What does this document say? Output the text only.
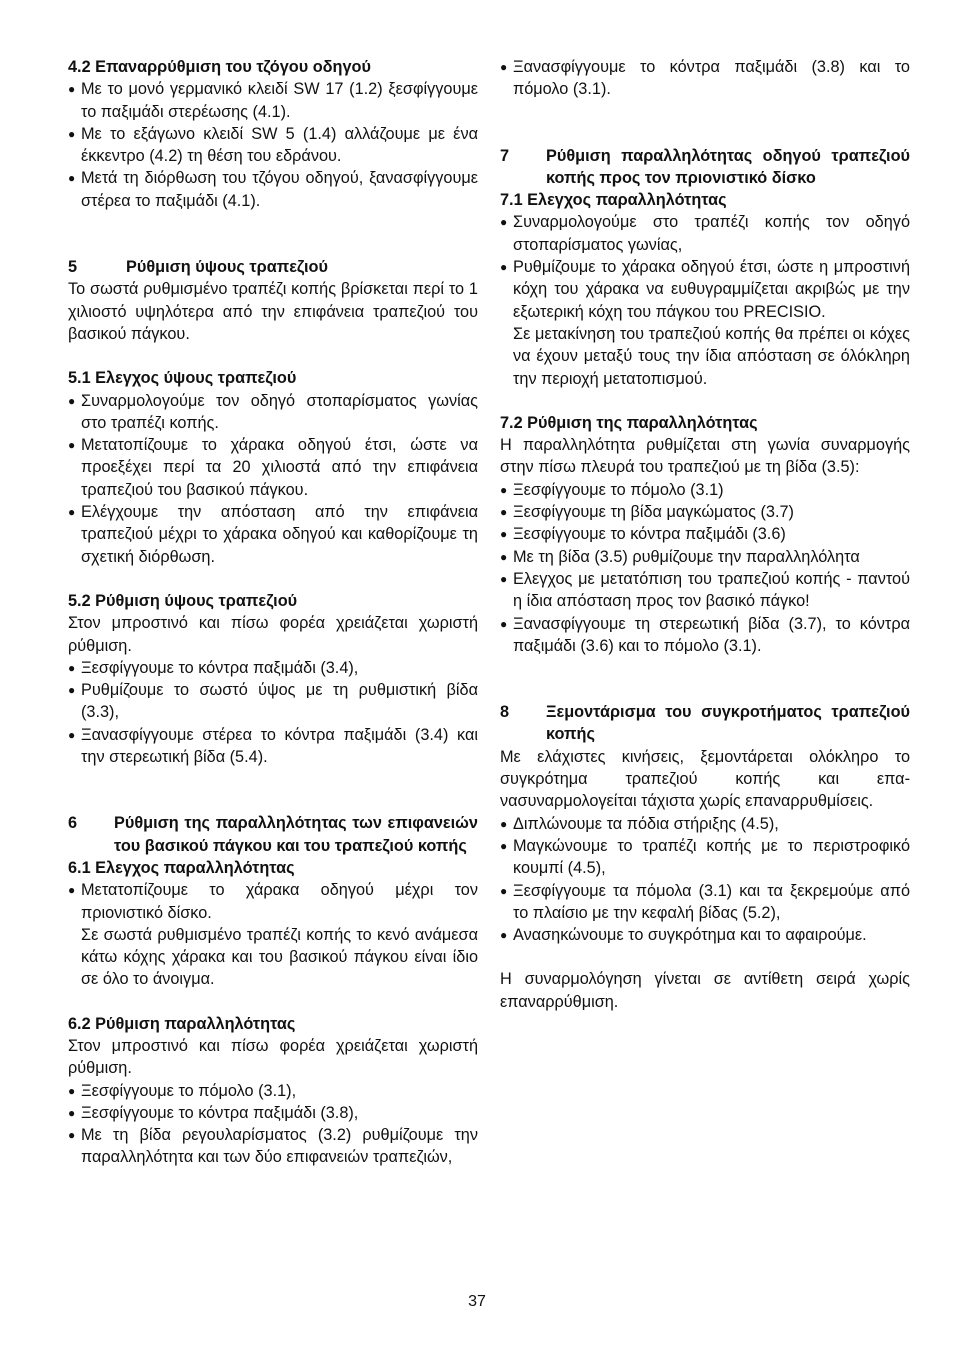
4.2 Επαναρρύθμιση του τζόγου οδηγού
● Με το μονό γερμανικό κλειδί SW 17 (1.2) ξεσφίγγουμε το παξιμάδι στερέωσης (4.1).
● Με το εξάγωνο κλειδί SW 5 (1.4) αλλάζουμε με ένα έκκεντρο (4.2) τη θέση του εδράνου.
● Μετά τη διόρθωση του τζόγου οδηγού, ξανασφίγγουμε στέρεα το παξιμάδι (4.1).
5	Ρύθμιση ύψους τραπεζιού

Το σωστά ρυθμισμένο τραπέζι κοπής βρίσκεται περί το 1 χιλιοστό υψηλότερα από την επιφάνεια τραπεζιού του βασικού πάγκου.

5.1 Ελεγχος ύψους τραπεζιού
● Συναρμολογούμε τον οδηγό στοπαρίσματος γωνίας στο τραπέζι κοπής.
● Μετατοπίζουμε το χάρακα οδηγού έτσι, ώστε να προεξέχει περί τα 20 χιλιοστά από την επιφάνεια τραπεζιού του βασικού πάγκου.
● Ελέγχουμε την απόσταση από την επιφάνεια τραπεζιού μέχρι το χάρακα οδηγού και καθορίζουμε τη σχετική διόρθωση.
5.2 Ρύθμιση ύψους τραπεζιού

Στον μπροστινό και πίσω φορέα χρειάζεται χωριστή ρύθμιση.

● Ξεσφίγγουμε το κόντρα παξιμάδι (3.4),
● Ρυθμίζουμε το σωστό ύψος με τη ρυθμιστική βίδα (3.3),
● Ξανασφίγγουμε στέρεα το κόντρα παξιμάδι (3.4) και την στερεωτική βίδα (5.4).
6	Ρύθμιση της παραλληλότητας των επιφανειών του βασικού πάγκου και του τραπεζιού κοπής
6.1 Ελεγχος παραλληλότητας
● Μετατοπίζουμε το χάρακα οδηγού μέχρι τον πριονιστικό δίσκο.

Σε σωστά ρυθμισμένο τραπέζι κοπής το κενό ανάμεσα κάτω κόχης χάρακα και του βασικού πάγκου είναι ίδιο σε όλο το άνοιγμα.

6.2 Ρύθμιση παραλληλότητας

Στον μπροστινό και πίσω φορέα χρειάζεται χωριστή ρύθμιση.

● Ξεσφίγγουμε το πόμολο (3.1),
● Ξεσφίγγουμε το κόντρα παξιμάδι (3.8),
● Με τη βίδα ρεγουλαρίσματος (3.2) ρυθμίζουμε την παραλληλότητα και των δύο επιφανειών τραπεζιών,
● Ξανασφίγγουμε το κόντρα παξιμάδι (3.8) και το πόμολο (3.1).
7	Ρύθμιση παραλληλότητας οδηγού τραπεζιού κοπής προς τον πριονιστικό δίσκο
7.1 Ελεγχος παραλληλότητας
● Συναρμολογούμε στο τραπέζι κοπής τον οδηγό στοπαρίσματος γωνίας,
● Ρυθμίζουμε το χάρακα οδηγού έτσι, ώστε η μπροστινή κόχη του χάρακα να ευθυγραμμίζεται ακριβώς με την εξωτερική κόχη του πάγκου του PRECISIO.

Σε μετακίνηση του τραπεζιού κοπής θα πρέπει οι κόχες να έχουν μεταξύ τους την ίδια απόσταση σε όλόκληρη την περιοχή μετατοπισμού.

7.2 Ρύθμιση της παραλληλότητας

Η παραλληλότητα ρυθμίζεται στη γωνία συναρμογής στην πίσω πλευρά του τραπεζιού με τη βίδα (3.5):

● Ξεσφίγγουμε το πόμολο (3.1)
● Ξεσφίγγουμε τη βίδα μαγκώματος (3.7)
● Ξεσφίγγουμε το κόντρα παξιμάδι (3.6)
● Με τη βίδα (3.5) ρυθμίζουμε την παραλληλόλητα
● Ελεγχος με μετατόπιση του τραπεζιού κοπής - παντού η ίδια απόσταση προς τον βασικό πάγκο!
● Ξανασφίγγουμε τη στερεωτική βίδα (3.7), το κόντρα παξιμάδι (3.6) και το πόμολο (3.1).
8	Ξεμοντάρισμα του συγκροτήματος τραπεζιού κοπής

Με ελάχιστες κινήσεις, ξεμοντάρεται ολόκληρο το συγκρότημα τραπεζιού κοπής και επα-νασυναρμολογείται τάχιστα χωρίς επαναρρυθμίσεις.

● Διπλώνουμε τα πόδια στήριξης (4.5),
● Μαγκώνουμε το τραπέζι κοπής με το περιστροφικό κουμπί (4.5),
● Ξεσφίγγουμε τα πόμολα (3.1) και τα ξεκρεμούμε από το πλαίσιο με την κεφαλή βίδας (5.2),
● Ανασηκώνουμε το συγκρότημα και το αφαιρούμε.

Η συναρμολόγηση γίνεται σε αντίθετη σειρά χωρίς επαναρρύθμιση.

37
